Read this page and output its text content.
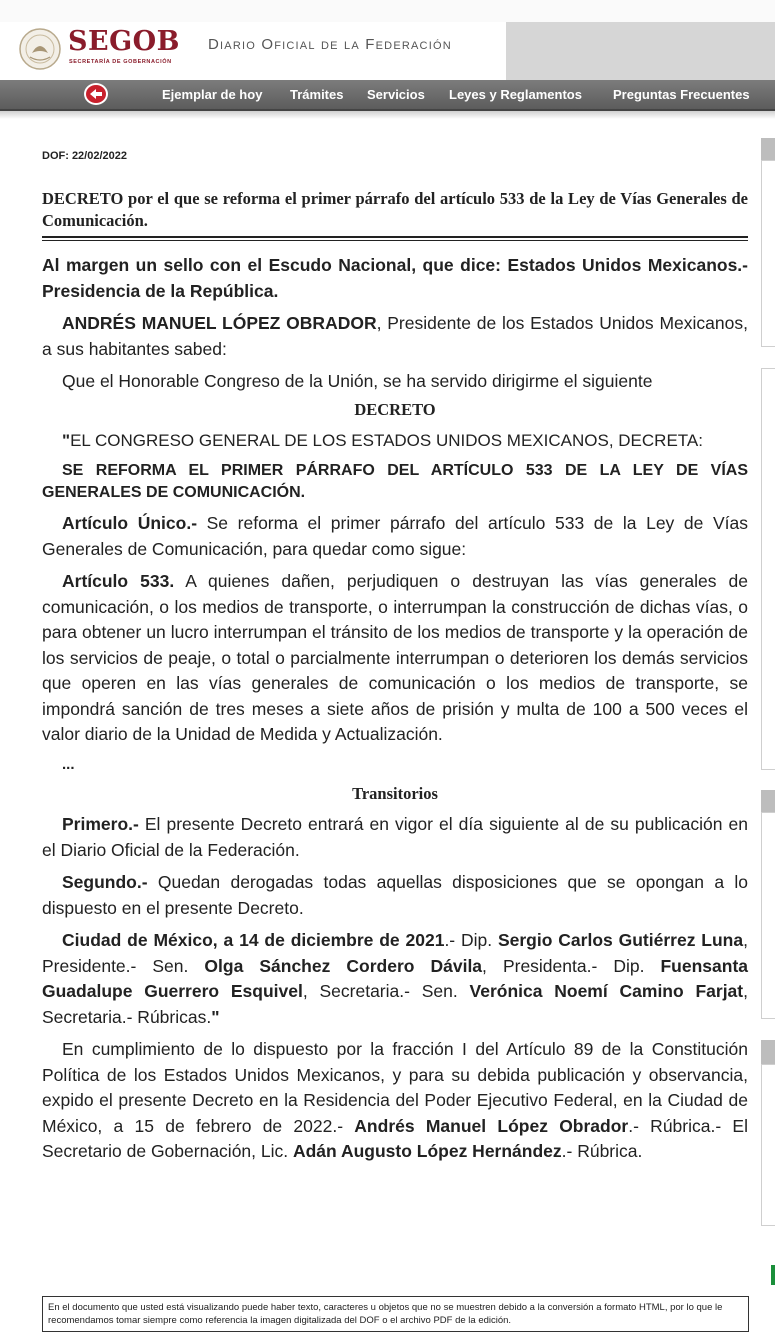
SEGOB
SECRETARÍA DE GOBERNACIÓN
Diario Oficial de la Federación
Ejemplar de hoy Trámites Servicios Leyes y Reglamentos Preguntas Frecuentes
DOF: 22/02/2022
DECRETO por el que se reforma el primer párrafo del artículo 533 de la Ley de Vías Generales de Comunicación.

Al margen un sello con el Escudo Nacional, que dice: Estados Unidos Mexicanos.- Presidencia de la República.

ANDRÉS MANUEL LÓPEZ OBRADOR, Presidente de los Estados Unidos Mexicanos, a sus habitantes sabed:

Que el Honorable Congreso de la Unión, se ha servido dirigirme el siguiente

DECRETO

"EL CONGRESO GENERAL DE LOS ESTADOS UNIDOS MEXICANOS, DECRETA:

SE REFORMA EL PRIMER PÁRRAFO DEL ARTÍCULO 533 DE LA LEY DE VÍAS GENERALES DE COMUNICACIÓN.

Artículo Único.- Se reforma el primer párrafo del artículo 533 de la Ley de Vías Generales de Comunicación, para quedar como sigue:

Artículo 533. A quienes dañen, perjudiquen o destruyan las vías generales de comunicación, o los medios de transporte, o interrumpan la construcción de dichas vías, o para obtener un lucro interrumpan el tránsito de los medios de transporte y la operación de los servicios de peaje, o total o parcialmente interrumpan o deterioren los demás servicios que operen en las vías generales de comunicación o los medios de transporte, se impondrá sanción de tres meses a siete años de prisión y multa de 100 a 500 veces el valor diario de la Unidad de Medida y Actualización.

...

Transitorios

Primero.- El presente Decreto entrará en vigor el día siguiente al de su publicación en el Diario Oficial de la Federación.

Segundo.- Quedan derogadas todas aquellas disposiciones que se opongan a lo dispuesto en el presente Decreto.

Ciudad de México, a 14 de diciembre de 2021.- Dip. Sergio Carlos Gutiérrez Luna, Presidente.- Sen. Olga Sánchez Cordero Dávila, Presidenta.- Dip. Fuensanta Guadalupe Guerrero Esquivel, Secretaria.- Sen. Verónica Noemí Camino Farjat, Secretaria.- Rúbricas."

En cumplimiento de lo dispuesto por la fracción I del Artículo 89 de la Constitución Política de los Estados Unidos Mexicanos, y para su debida publicación y observancia, expido el presente Decreto en la Residencia del Poder Ejecutivo Federal, en la Ciudad de México, a 15 de febrero de 2022.- Andrés Manuel López Obrador.- Rúbrica.- El Secretario de Gobernación, Lic. Adán Augusto López Hernández.- Rúbrica.

En el documento que usted está visualizando puede haber texto, caracteres u objetos que no se muestren debido a la conversión a formato HTML, por lo que le recomendamos tomar siempre como referencia la imagen digitalizada del DOF o el archivo PDF de la edición.
